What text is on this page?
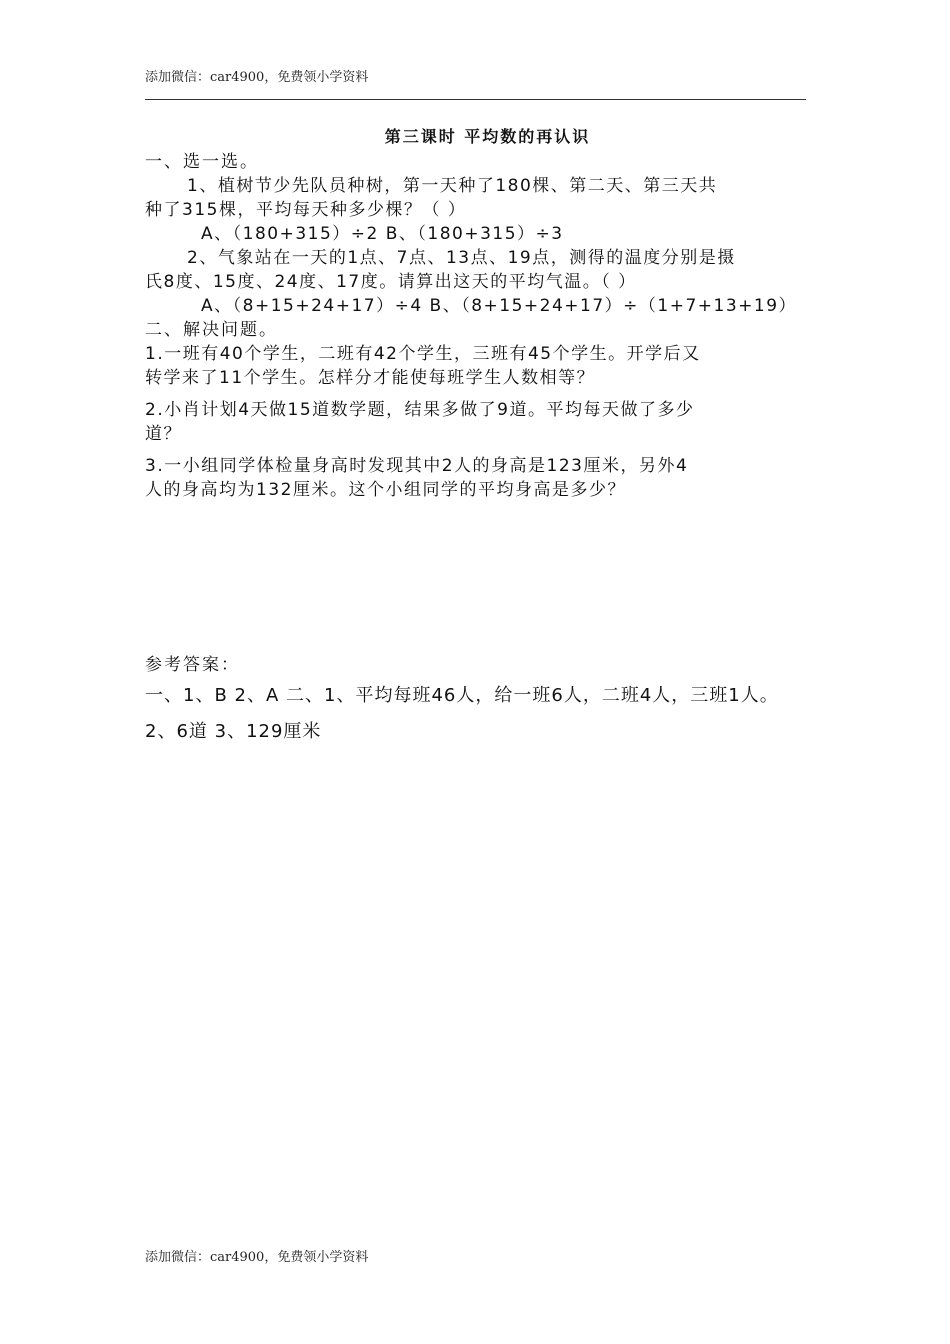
添加微信：car4900，免费领小学资料
第三课时 平均数的再认识
一、选一选。
1、植树节少先队员种树，第一天种了180棵、第二天、第三天共
种了315棵，平均每天种多少棵？（ ）
A、（180+315）÷2 B、（180+315）÷3
2、气象站在一天的1点、7点、13点、19点，测得的温度分别是摄
氏8度、15度、24度、17度。请算出这天的平均气温。（ ）
A、（8+15+24+17）÷4 B、（8+15+24+17）÷（1+7+13+19）
二、解决问题。
1.一班有40个学生，二班有42个学生，三班有45个学生。开学后又
转学来了11个学生。怎样分才能使每班学生人数相等？
2.小肖计划4天做15道数学题，结果多做了9道。平均每天做了多少
道？
3.一小组同学体检量身高时发现其中2人的身高是123厘米，另外4
人的身高均为132厘米。这个小组同学的平均身高是多少？
参考答案：
一、1、B 2、A 二、1、平均每班46人，给一班6人，二班4人，三班1人。
2、6道 3、129厘米
添加微信：car4900，免费领小学资料
